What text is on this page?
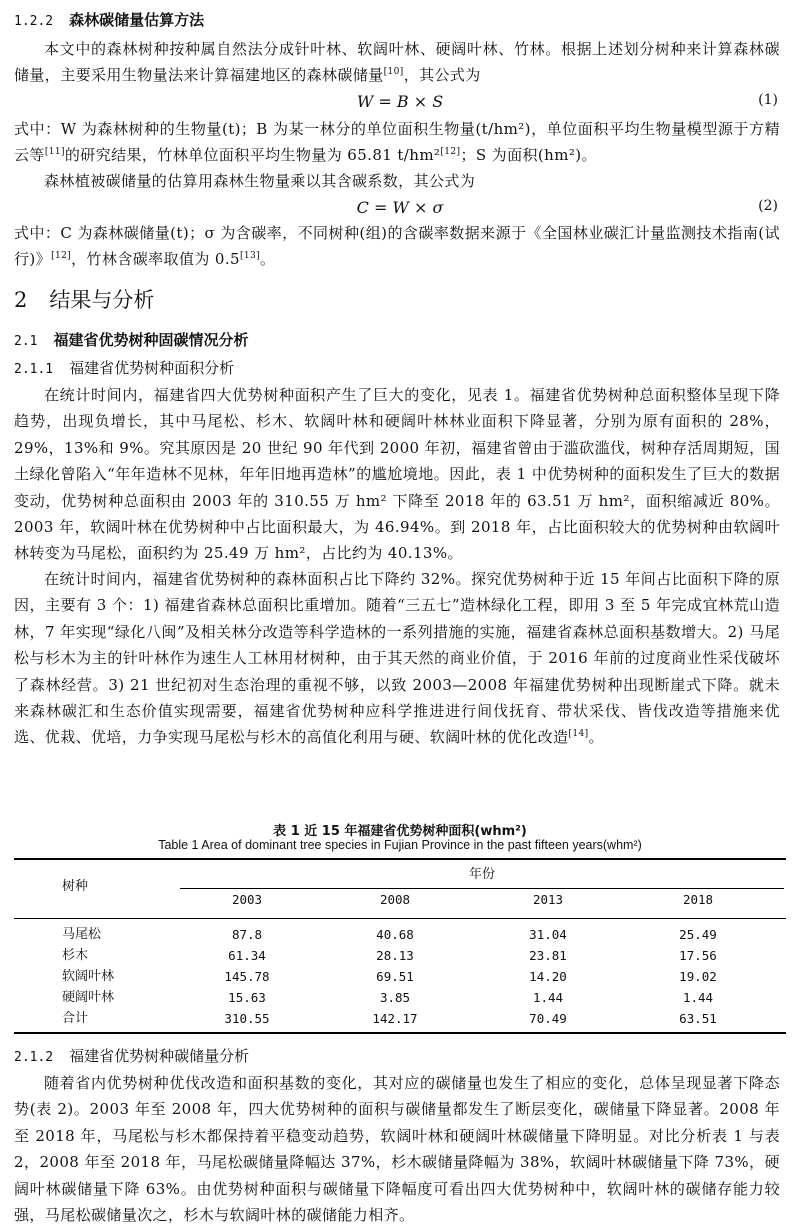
1.2.2 森林碳储量估算方法
本文中的森林树种按种属自然法分成针叶林、软阔叶林、硬阔叶林、竹林。根据上述划分树种来计算森林碳储量，主要采用生物量法来计算福建地区的森林碳储量[10]，其公式为
W = B × S	(1)
式中：W 为森林树种的生物量(t)；B 为某一林分的单位面积生物量(t/hm²)，单位面积平均生物量模型源于方精云等[11]的研究结果，竹林单位面积平均生物量为 65.81 t/hm²[12]；S 为面积(hm²)。
森林植被碳储量的估算用森林生物量乘以其含碳系数，其公式为
C = W × σ	(2)
式中：C 为森林碳储量(t)；σ 为含碳率，不同树种(组)的含碳率数据来源于《全国林业碳汇计量监测技术指南(试行)》[12]，竹林含碳率取值为 0.5[13]。
2 结果与分析
2.1 福建省优势树种固碳情况分析
2.1.1 福建省优势树种面积分析
在统计时间内，福建省四大优势树种面积产生了巨大的变化，见表 1。福建省优势树种总面积整体呈现下降趋势，出现负增长，其中马尾松、杉木、软阔叶林和硬阔叶林林业面积下降显著，分别为原有面积的 28%，29%，13%和 9%。究其原因是 20 世纪 90 年代到 2000 年初，福建省曾由于滥砍滥伐，树种存活周期短，国土绿化曾陷入“年年造林不见林，年年旧地再造林”的尴尬境地。因此，表 1 中优势树种的面积发生了巨大的数据变动，优势树种总面积由 2003 年的 310.55 万 hm² 下降至 2018 年的 63.51 万 hm²，面积缩减近 80%。2003 年，软阔叶林在优势树种中占比面积最大，为 46.94%。到 2018 年，占比面积较大的优势树种由软阔叶林转变为马尾松，面积约为 25.49 万 hm²，占比约为 40.13%。
在统计时间内，福建省优势树种的森林面积占比下降约 32%。探究优势树种于近 15 年间占比面积下降的原因，主要有 3 个：1) 福建省森林总面积比重增加。随着“三五七”造林绿化工程，即用 3 至 5 年完成宜林荒山造林，7 年实现“绿化八闽”及相关林分改造等科学造林的一系列措施的实施，福建省森林总面积基数增大。2) 马尾松与杉木为主的针叶林作为速生人工林用材树种，由于其天然的商业价值，于 2016 年前的过度商业性采伐破坏了森林经营。3) 21 世纪初对生态治理的重视不够，以致 2003—2008 年福建优势树种出现断崖式下降。就未来森林碳汇和生态价值实现需要，福建省优势树种应科学推进进行间伐抚育、带状采伐、皆伐改造等措施来优选、优栽、优培，力争实现马尾松与杉木的高值化利用与硬、软阔叶林的优化改造[14]。
表 1 近 15 年福建省优势树种面积(whm²)
Table 1 Area of dominant tree species in Fujian Province in the past fifteen years(whm²)
树种
年份
2003	2008	2013	2018
马尾松	87.8	40.68	31.04	25.49
杉木	61.34	28.13	23.81	17.56
软阔叶林	145.78	69.51	14.20	19.02
硬阔叶林	15.63	3.85	1.44	1.44
合计	310.55	142.17	70.49	63.51
2.1.2 福建省优势树种碳储量分析
随着省内优势树种优伐改造和面积基数的变化，其对应的碳储量也发生了相应的变化，总体呈现显著下降态势(表 2)。2003 年至 2008 年，四大优势树种的面积与碳储量都发生了断层变化，碳储量下降显著。2008 年至 2018 年，马尾松与杉木都保持着平稳变动趋势，软阔叶林和硬阔叶林碳储量下降明显。对比分析表 1 与表 2，2008 年至 2018 年，马尾松碳储量降幅达 37%，杉木碳储量降幅为 38%，软阔叶林碳储量下降 73%，硬阔叶林碳储量下降 63%。由优势树种面积与碳储量下降幅度可看出四大优势树种中，软阔叶林的碳储存能力较强，马尾松碳储量次之，杉木与软阔叶林的碳储能力相齐。
